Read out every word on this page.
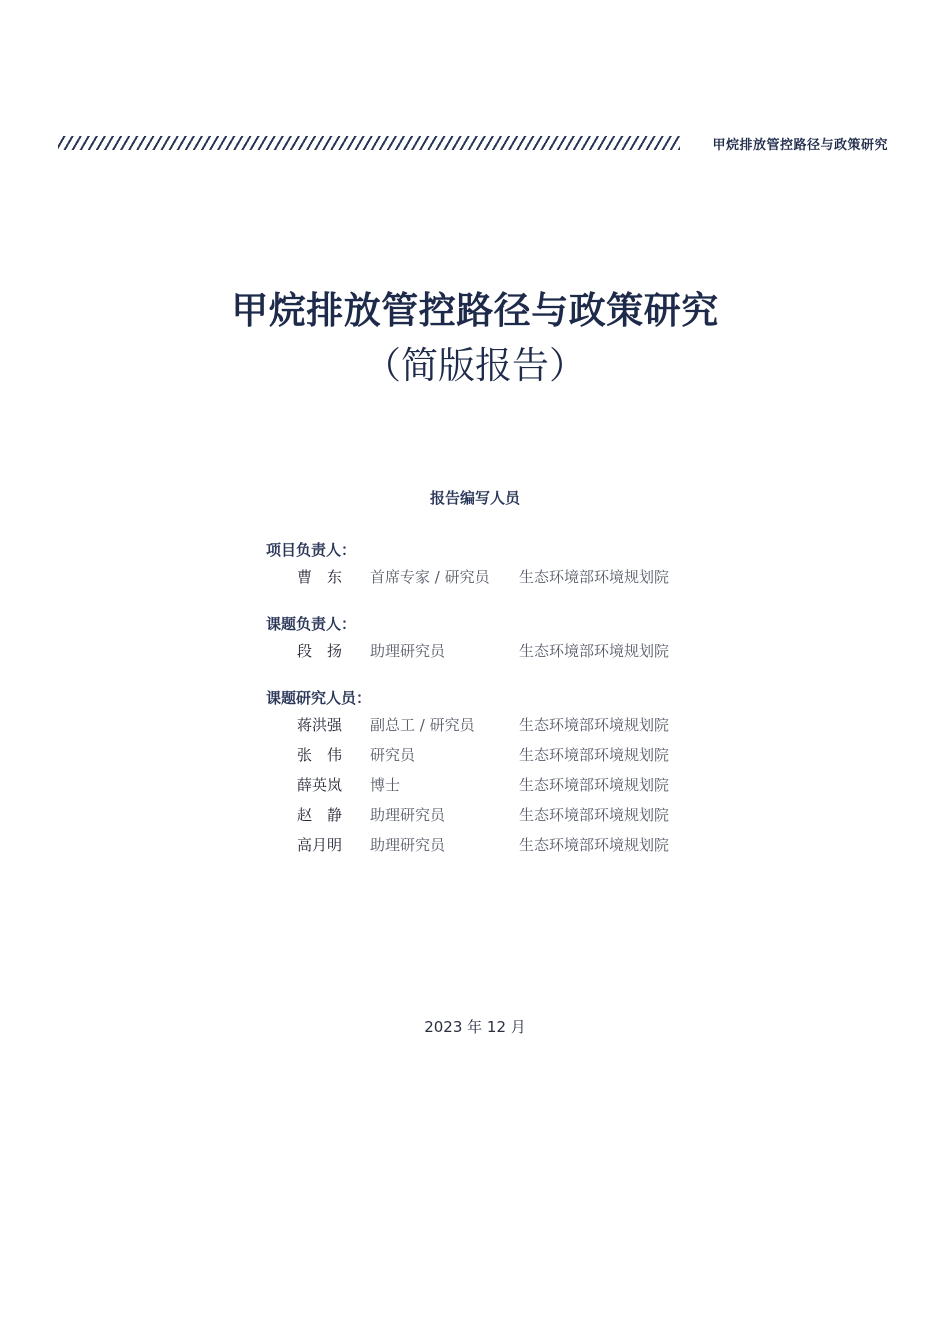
甲烷排放管控路径与政策研究
甲烷排放管控路径与政策研究
（简版报告）
报告编写人员
项目负责人：
曹　东 首席专家 / 研究员 生态环境部环境规划院
课题负责人：
段　扬 助理研究员	生态环境部环境规划院
课题研究人员：
蒋洪强 副总工 / 研究员	生态环境部环境规划院
张　伟 研究员	生态环境部环境规划院
薛英岚 博士	生态环境部环境规划院
赵　静 助理研究员	生态环境部环境规划院
高月明 助理研究员	生态环境部环境规划院
2023 年 12 月
